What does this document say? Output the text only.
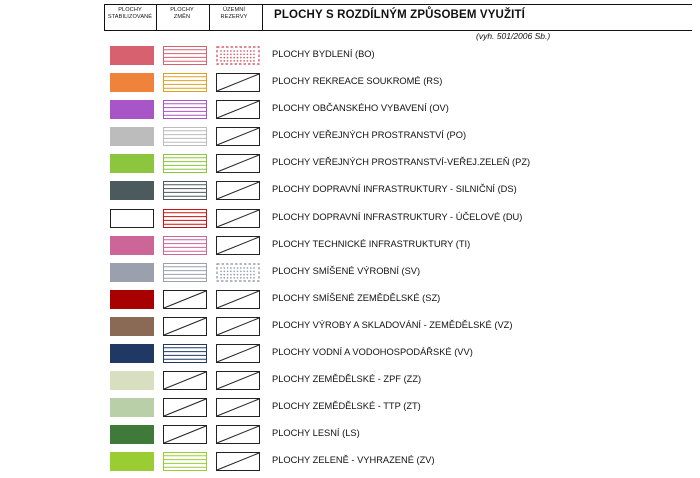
PLOCHY
STABILIZOVANÉ
PLOCHY
ZMĚN
ÚZEMNÍ
REZERVY	PLOCHY S ROZDÍLNÝM ZPŮSOBEM VYUŽITÍ
(vyh. 501/2006 Sb.)
PLOCHY BYDLENÍ (BO)
PLOCHY REKREACE SOUKROMÉ (RS)
PLOCHY OBČANSKÉHO VYBAVENÍ (OV)
PLOCHY VEŘEJNÝCH PROSTRANSTVÍ (PO)
PLOCHY VEŘEJNÝCH PROSTRANSTVÍ-VEŘEJ.ZELEŇ (PZ)
PLOCHY DOPRAVNÍ INFRASTRUKTURY - SILNIČNÍ (DS)
PLOCHY DOPRAVNÍ INFRASTRUKTURY - ÚČELOVÉ (DU)
PLOCHY TECHNICKÉ INFRASTRUKTURY (TI)
PLOCHY SMÍŠENÉ VÝROBNÍ (SV)
PLOCHY SMÍŠENÉ ZEMĚDĚLSKÉ (SZ)
PLOCHY VÝROBY A SKLADOVÁNÍ - ZEMĚDĚLSKÉ (VZ)
PLOCHY VODNÍ A VODOHOSPODÁŘSKÉ (VV)
PLOCHY ZEMĚDĚLSKÉ - ZPF (ZZ)
PLOCHY ZEMĚDĚLSKÉ - TTP (ZT)
PLOCHY LESNÍ (LS)
PLOCHY ZELENĚ - VYHRAZENÉ (ZV)
